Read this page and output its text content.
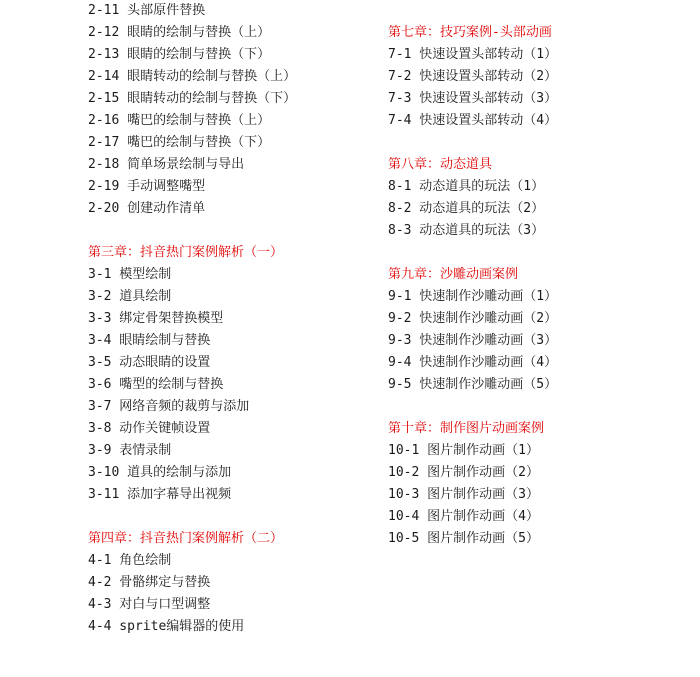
2-11 头部原件替换
2-12 眼睛的绘制与替换（上）
2-13 眼睛的绘制与替换（下）
2-14 眼睛转动的绘制与替换（上）
2-15 眼睛转动的绘制与替换（下）
2-16 嘴巴的绘制与替换（上）
2-17 嘴巴的绘制与替换（下）
2-18 简单场景绘制与导出
2-19 手动调整嘴型
2-20 创建动作清单
第三章：抖音热门案例解析（一）
3-1 模型绘制
3-2 道具绘制
3-3 绑定骨架替换模型
3-4 眼睛绘制与替换
3-5 动态眼睛的设置
3-6 嘴型的绘制与替换
3-7 网络音频的裁剪与添加
3-8 动作关键帧设置
3-9 表情录制
3-10 道具的绘制与添加
3-11 添加字幕导出视频
第四章：抖音热门案例解析（二）
4-1 角色绘制
4-2 骨骼绑定与替换
4-3 对白与口型调整
4-4 sprite编辑器的使用
第七章：技巧案例-头部动画
7-1 快速设置头部转动（1）
7-2 快速设置头部转动（2）
7-3 快速设置头部转动（3）
7-4 快速设置头部转动（4）
第八章：动态道具
8-1 动态道具的玩法（1）
8-2 动态道具的玩法（2）
8-3 动态道具的玩法（3）
第九章：沙雕动画案例
9-1 快速制作沙雕动画（1）
9-2 快速制作沙雕动画（2）
9-3 快速制作沙雕动画（3）
9-4 快速制作沙雕动画（4）
9-5 快速制作沙雕动画（5）
第十章：制作图片动画案例
10-1 图片制作动画（1）
10-2 图片制作动画（2）
10-3 图片制作动画（3）
10-4 图片制作动画（4）
10-5 图片制作动画（5）
